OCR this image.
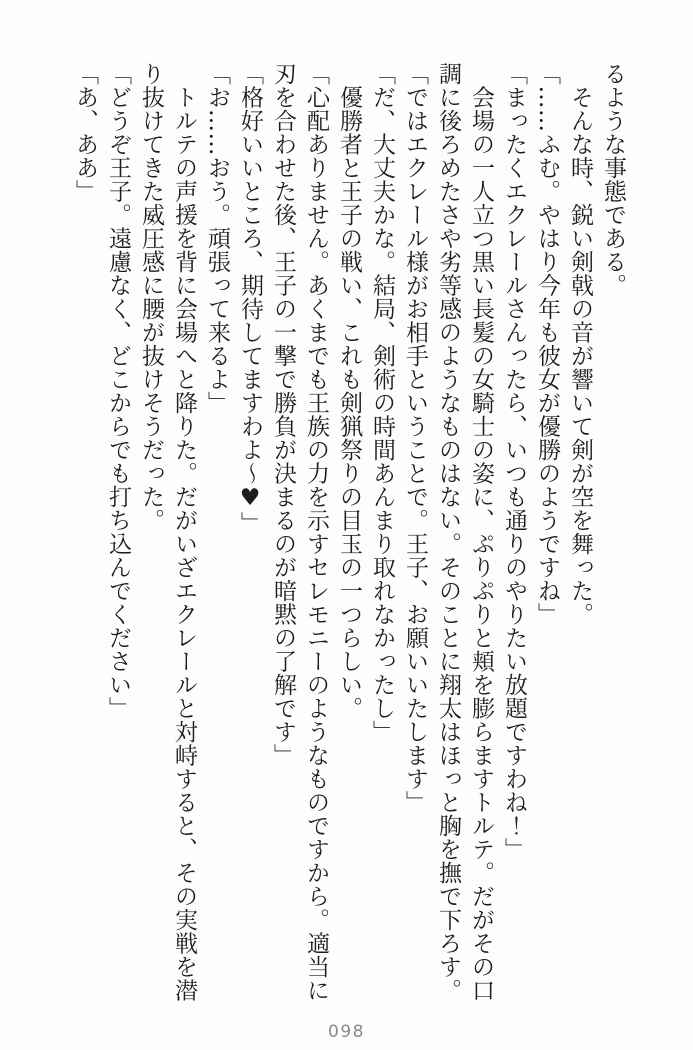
るような事態である。

　そんな時、鋭い剣戟の音が響いて剣が空を舞った。

「……ふむ。やはり今年も彼女が優勝のようですね」

「まったくエクレールさんったら、いつも通りのやりたい放題ですわね！」

　会場の一人立つ黒い長髪の女騎士の姿に、ぷりぷりと頬を膨らますトルテ。だがその口調に後ろめたさや劣等感のようなものはない。そのことに翔太はほっと胸を撫で下ろす。

「ではエクレール様がお相手ということで。王子、お願いいたします」

「だ、大丈夫かな。結局、剣術の時間あんまり取れなかったし」

　優勝者と王子の戦い、これも剣猟祭りの目玉の一つらしい。

「心配ありません。あくまでも王族の力を示すセレモニーのようなものですから。適当に刃を合わせた後、王子の一撃で勝負が決まるのが暗黙の了解です」

「格好いいところ、期待してますわよ～♥」

「お……おう。頑張って来るよ」

　トルテの声援を背に会場へと降りた。だがいざエクレールと対峙すると、その実戦を潜り抜けてきた威圧感に腰が抜けそうだった。

「どうぞ王子。遠慮なく、どこからでも打ち込んでください」

「あ、ああ」

098
